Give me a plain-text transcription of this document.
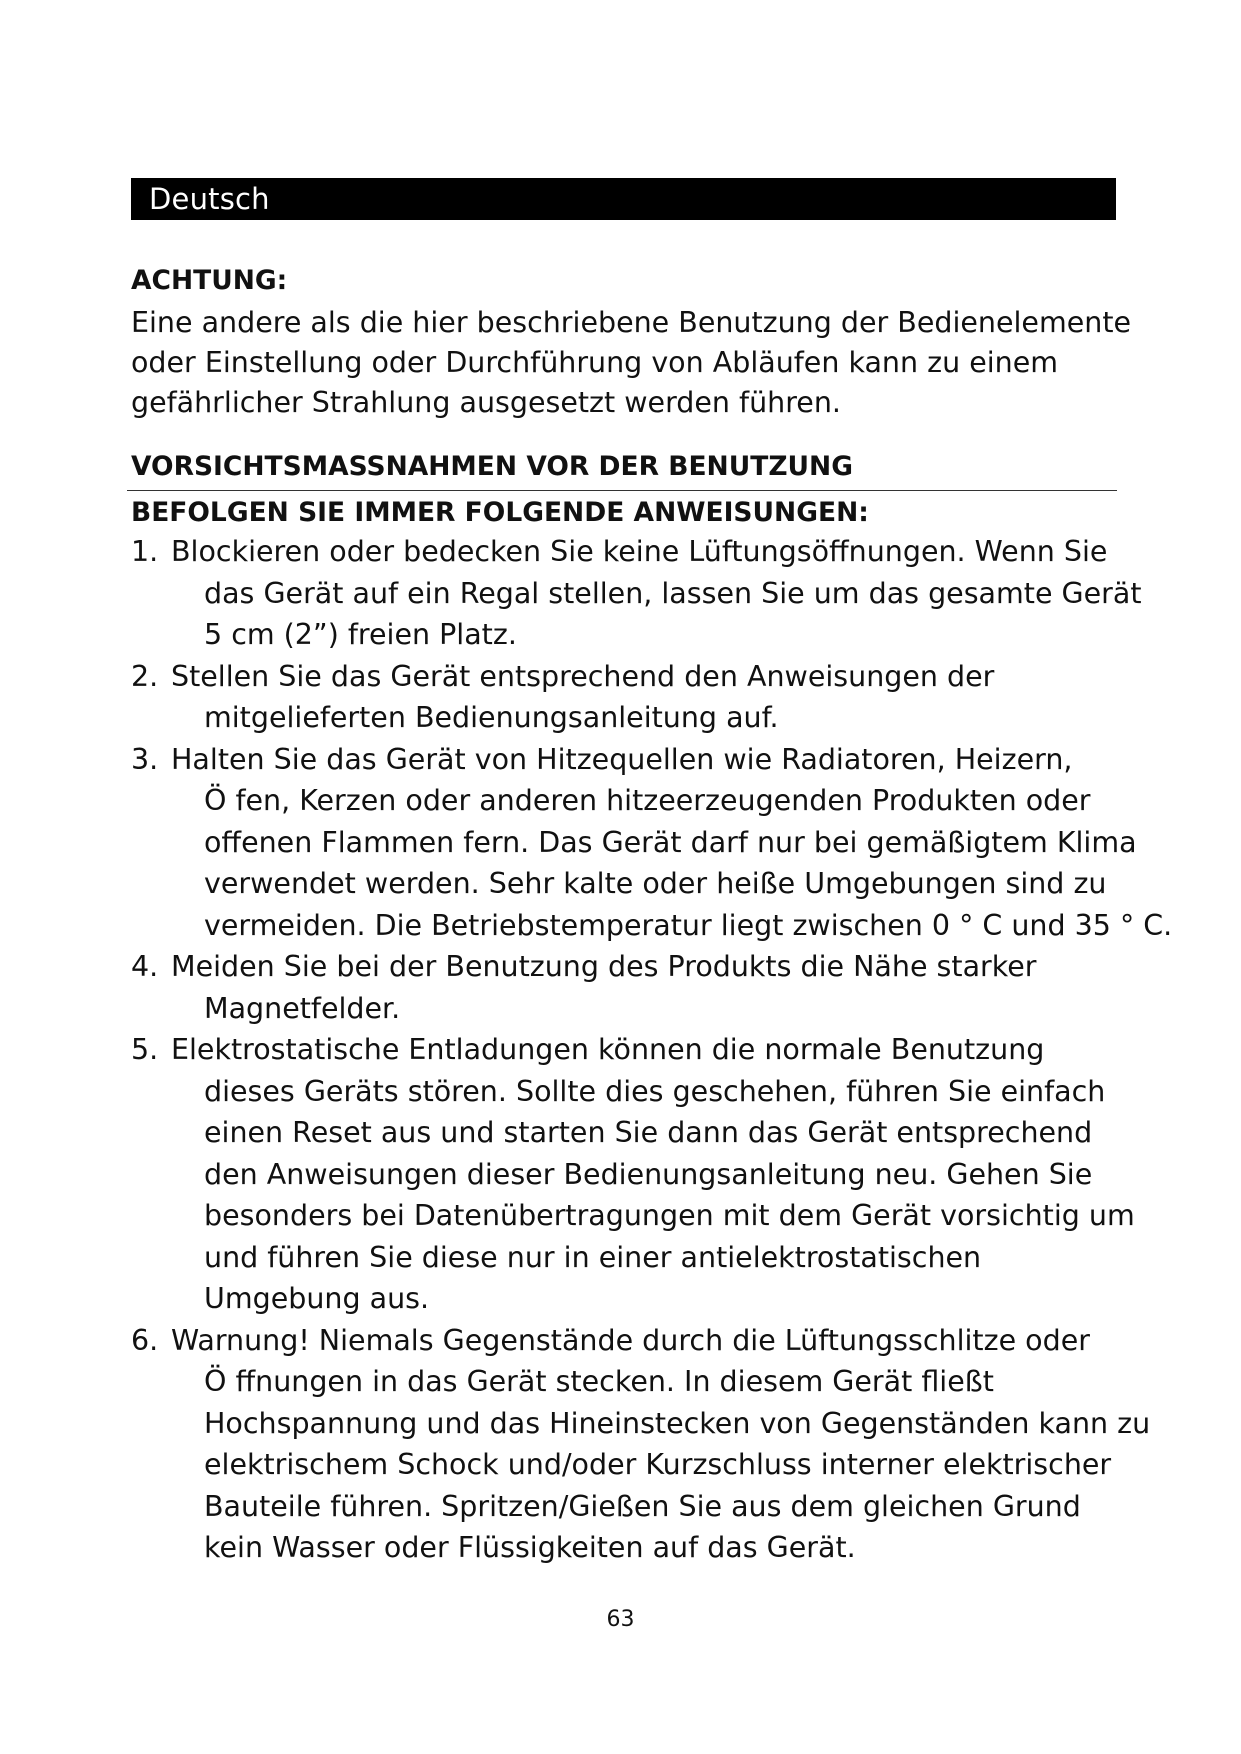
Deutsch
ACHTUNG:
Eine andere als die hier beschriebene Benutzung der Bedienelemente
oder Einstellung oder Durchführung von Abläufen kann zu einem
gefährlicher Strahlung ausgesetzt werden führen.
VORSICHTSMASSNAHMEN VOR DER BENUTZUNG
BEFOLGEN SIE IMMER FOLGENDE ANWEISUNGEN:
1. Blockieren oder bedecken Sie keine Lüftungsöffnungen. Wenn Sie
das Gerät auf ein Regal stellen, lassen Sie um das gesamte Gerät
5 cm (2”) freien Platz.
2. Stellen Sie das Gerät entsprechend den Anweisungen der
mitgelieferten Bedienungsanleitung auf.
3. Halten Sie das Gerät von Hitzequellen wie Radiatoren, Heizern,
Ö fen, Kerzen oder anderen hitzeerzeugenden Produkten oder
offenen Flammen fern. Das Gerät darf nur bei gemäßigtem Klima
verwendet werden. Sehr kalte oder heiße Umgebungen sind zu
vermeiden. Die Betriebstemperatur liegt zwischen 0 ° C und 35 ° C.
4. Meiden Sie bei der Benutzung des Produkts die Nähe starker
Magnetfelder.
5. Elektrostatische Entladungen können die normale Benutzung
dieses Geräts stören. Sollte dies geschehen, führen Sie einfach
einen Reset aus und starten Sie dann das Gerät entsprechend
den Anweisungen dieser Bedienungsanleitung neu. Gehen Sie
besonders bei Datenübertragungen mit dem Gerät vorsichtig um
und führen Sie diese nur in einer antielektrostatischen
Umgebung aus.
6. Warnung! Niemals Gegenstände durch die Lüftungsschlitze oder
Ö ffnungen in das Gerät stecken. In diesem Gerät fließt
Hochspannung und das Hineinstecken von Gegenständen kann zu
elektrischem Schock und/oder Kurzschluss interner elektrischer
Bauteile führen. Spritzen/Gießen Sie aus dem gleichen Grund
kein Wasser oder Flüssigkeiten auf das Gerät.
63
